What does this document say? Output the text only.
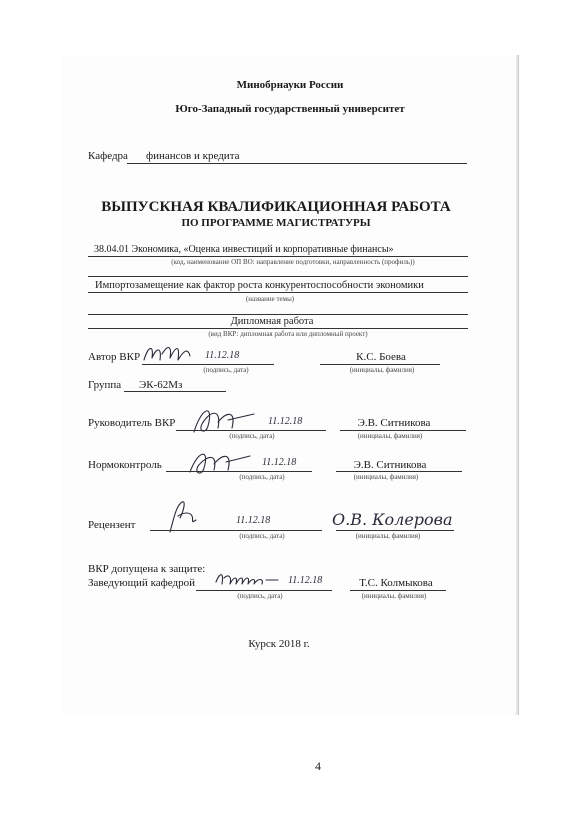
Минобрнауки России
Юго-Западный государственный университет
Кафедра финансов и кредита
ВЫПУСКНАЯ КВАЛИФИКАЦИОННАЯ РАБОТА
ПО ПРОГРАММЕ МАГИСТРАТУРЫ
38.04.01 Экономика, «Оценка инвестиций и корпоративные финансы»
(код, наименование ОП ВО: направление подготовки, направленность (профиль))
Импортозамещение как фактор роста конкурентоспособности экономики
(название темы)
Дипломная работа
(вид ВКР: дипломная работа или дипломный проект)
Автор ВКР	11.12.18
(подпись, дата)
К.С. Боева
(инициалы, фамилия)
Группа ЭК-62Мз
Руководитель ВКР	11.12.18
(подпись, дата)
Э.В. Ситникова
(инициалы, фамилия)
Нормоконтроль	11.12.18
(подпись, дата)
Э.В. Ситникова
(инициалы, фамилия)
Рецензент	11.12.18
(подпись, дата)
О.В. Колерова
(инициалы, фамилия)
ВКР допущена к защите:
Заведующий кафедрой	11.12.18
(подпись, дата)
Т.С. Колмыкова
(инициалы, фамилия)
Курск 2018 г.
4
